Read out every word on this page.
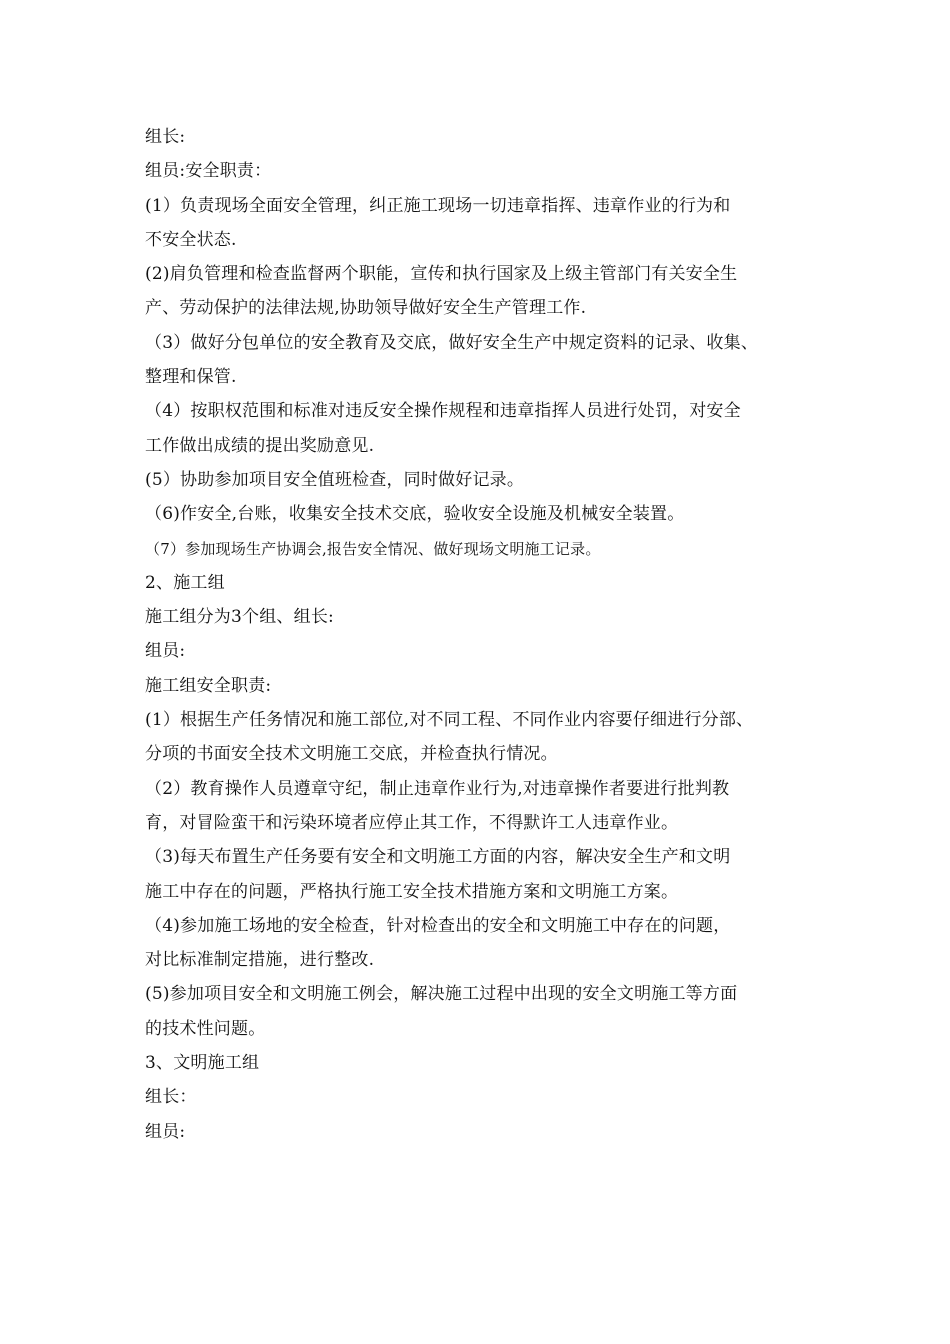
组长:
组员:安全职责：
(1）负责现场全面安全管理，纠正施工现场一切违章指挥、违章作业的行为和
不安全状态.
(2)肩负管理和检查监督两个职能，宣传和执行国家及上级主管部门有关安全生
产、劳动保护的法律法规,协助领导做好安全生产管理工作.
（3）做好分包单位的安全教育及交底，做好安全生产中规定资料的记录、收集、
整理和保管.
（4）按职权范围和标准对违反安全操作规程和违章指挥人员进行处罚，对安全
工作做出成绩的提出奖励意见.
(5）协助参加项目安全值班检查，同时做好记录。
（6)作安全,台账，收集安全技术交底，验收安全设施及机械安全装置。
（7）参加现场生产协调会,报告安全情况、做好现场文明施工记录。
2、施工组
施工组分为3个组、组长:
组员:
施工组安全职责:
(1）根据生产任务情况和施工部位,对不同工程、不同作业内容要仔细进行分部、
分项的书面安全技术文明施工交底，并检查执行情况。
（2）教育操作人员遵章守纪，制止违章作业行为,对违章操作者要进行批判教
育，对冒险蛮干和污染环境者应停止其工作，不得默许工人违章作业。
（3)每天布置生产任务要有安全和文明施工方面的内容，解决安全生产和文明
施工中存在的问题，严格执行施工安全技术措施方案和文明施工方案。
（4)参加施工场地的安全检查，针对检查出的安全和文明施工中存在的问题，
对比标准制定措施，进行整改.
(5)参加项目安全和文明施工例会，解决施工过程中出现的安全文明施工等方面
的技术性问题。
3、文明施工组
组长：
组员:
